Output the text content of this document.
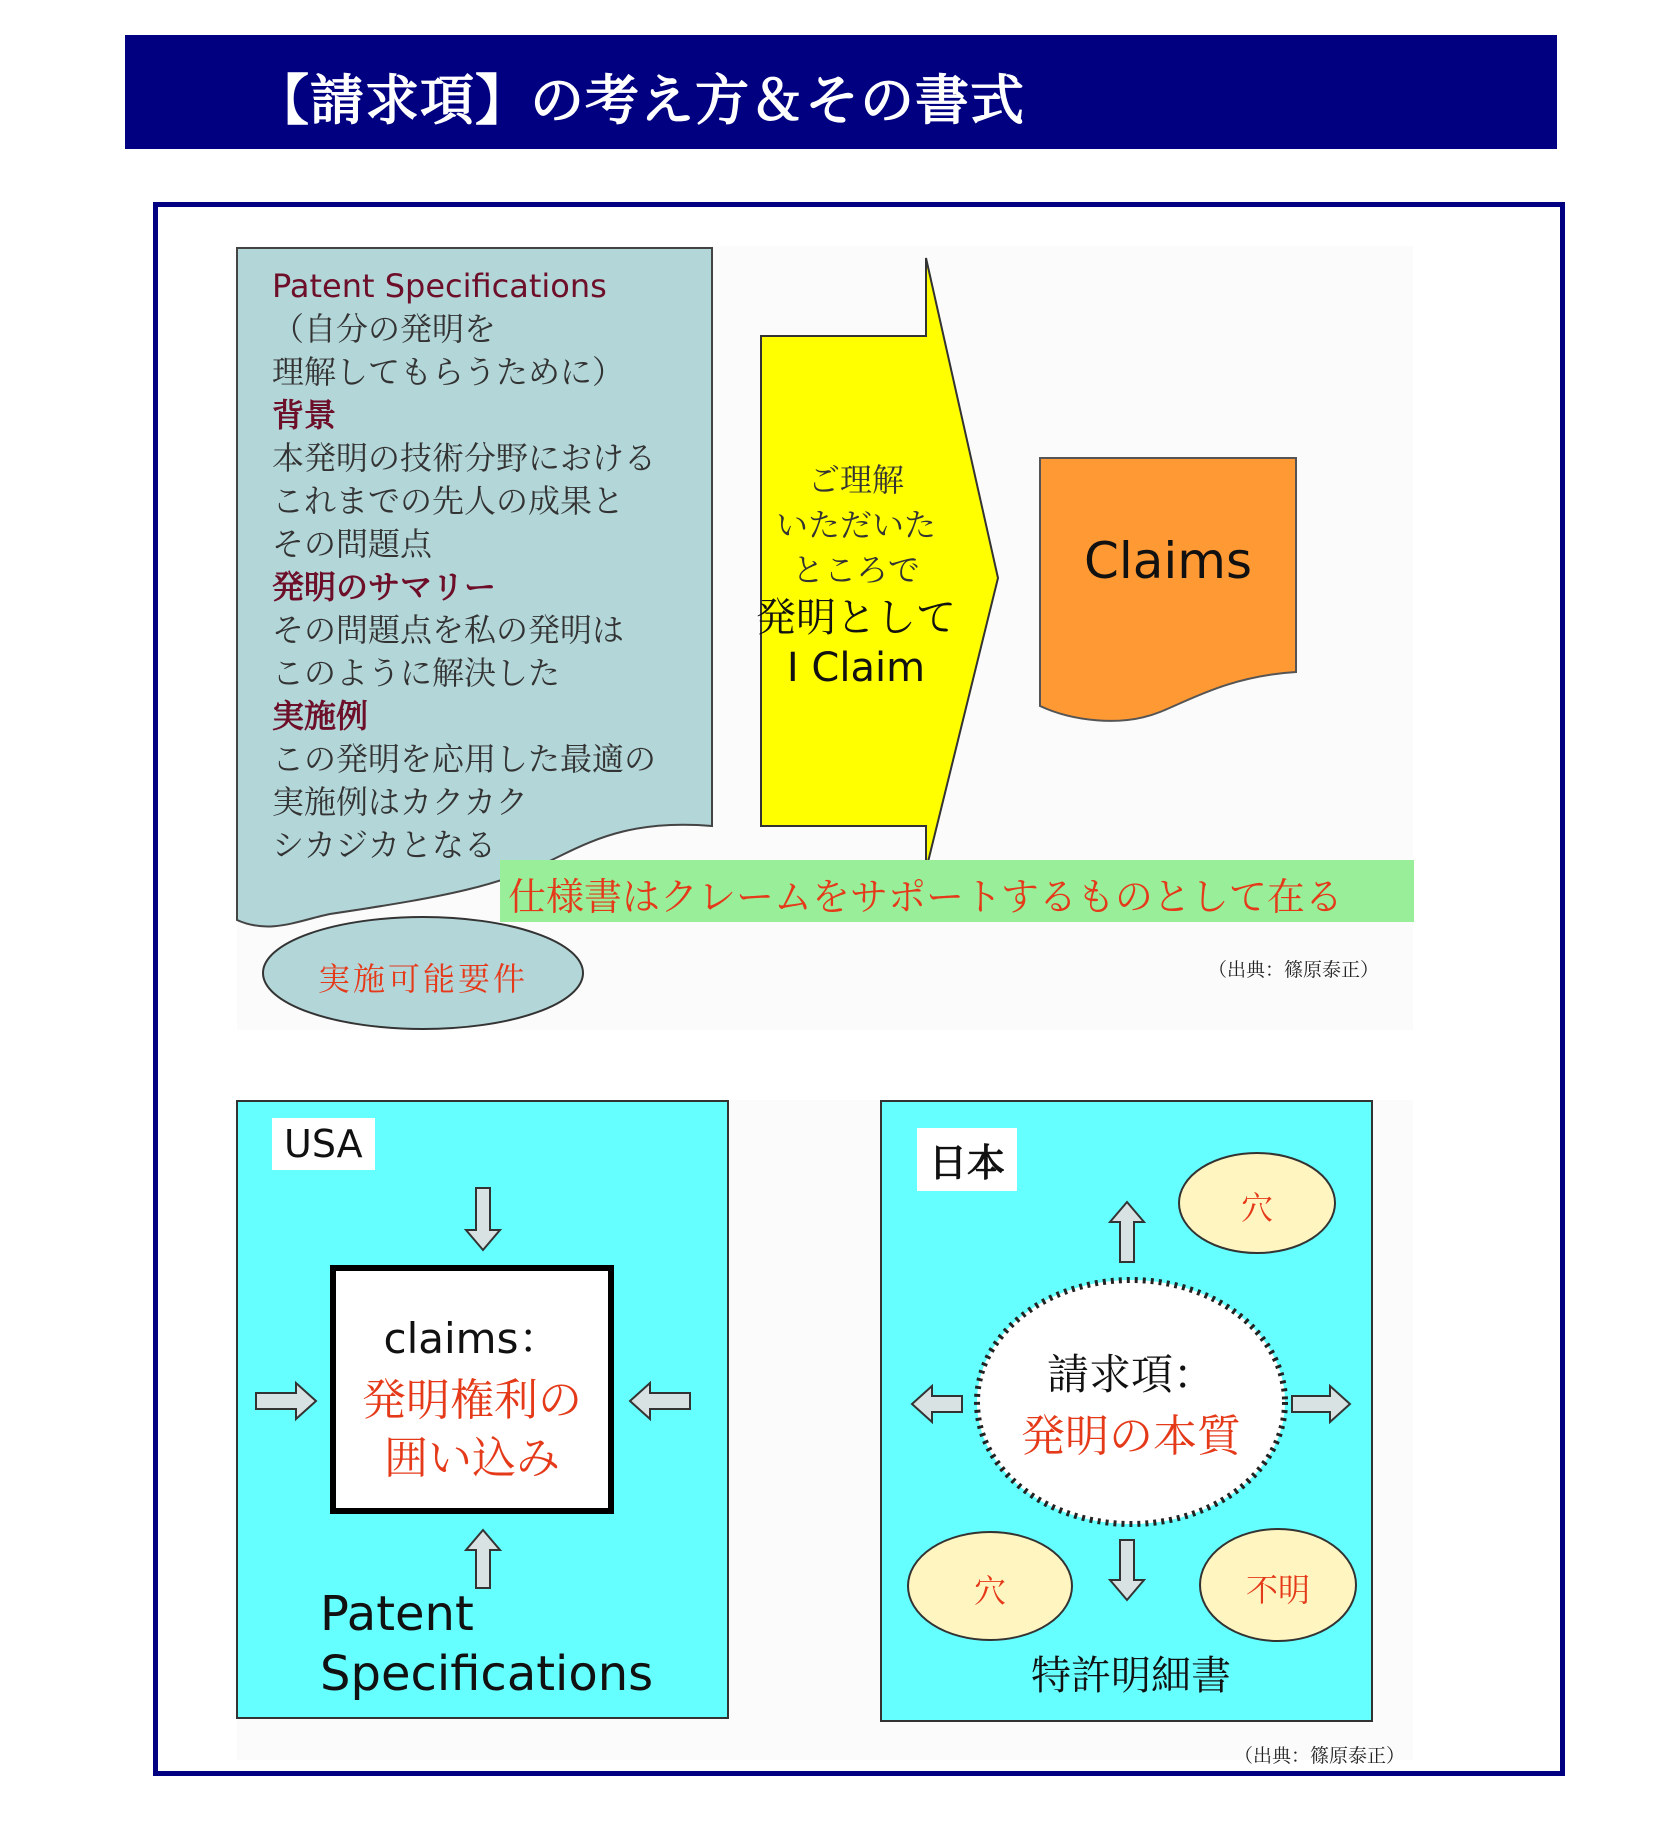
【請求項】の考え方＆その書式
Patent Specifications
（自分の発明を
理解してもらうために）
背景
本発明の技術分野における
これまでの先人の成果と
その問題点
発明のサマリー
その問題点を私の発明は
このように解決した
実施例
この発明を応用した最適の
実施例はカクカク
シカジカとなる
ご理解
いただいた
ところで
発明として
I Claim
Claims
仕様書はクレームをサポートするものとして在る
実施可能要件	（出典：篠原泰正）
USA
claims：
発明権利の
囲い込み
Patent
Specifications
日本
請求項：
発明の本質
穴
穴	不明
特許明細書
（出典：篠原泰正）
